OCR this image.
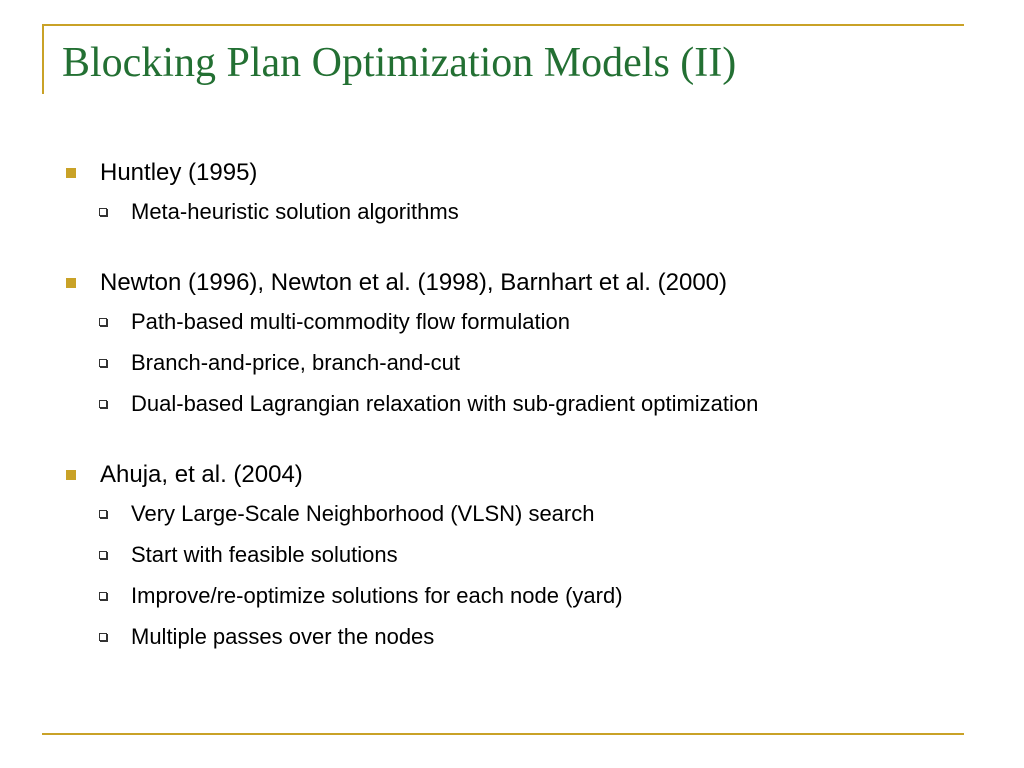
Blocking Plan Optimization Models (II)
Huntley (1995)
Meta-heuristic solution algorithms
Newton (1996), Newton et al. (1998), Barnhart et al. (2000)
Path-based multi-commodity flow formulation
Branch-and-price, branch-and-cut
Dual-based Lagrangian relaxation with sub-gradient optimization
Ahuja, et al. (2004)
Very Large-Scale Neighborhood (VLSN) search
Start with feasible solutions
Improve/re-optimize solutions for each node (yard)
Multiple passes over the nodes
